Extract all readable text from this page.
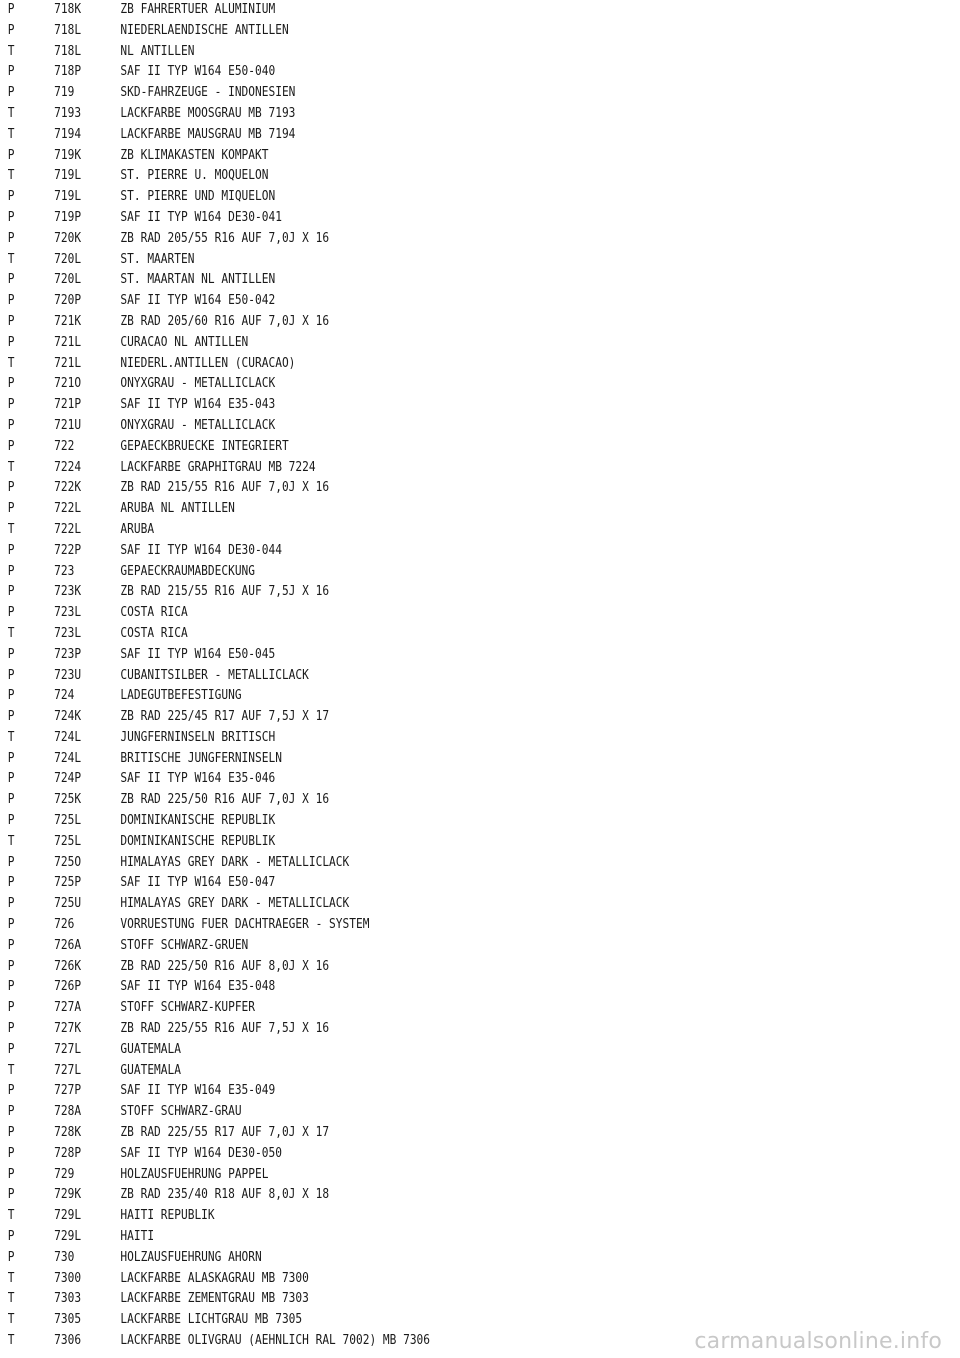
P	718K	ZB FAHRERTUER ALUMINIUM
P	718L	NIEDERLAENDISCHE ANTILLEN
T	718L	NL ANTILLEN
P	718P	SAF II TYP W164 E50-040
P	719	SKD-FAHRZEUGE - INDONESIEN
T	7193	LACKFARBE MOOSGRAU MB 7193
T	7194	LACKFARBE MAUSGRAU MB 7194
P	719K	ZB KLIMAKASTEN KOMPAKT
T	719L	ST. PIERRE U. MOQUELON
P	719L	ST. PIERRE UND MIQUELON
P	719P	SAF II TYP W164 DE30-041
P	720K	ZB RAD 205/55 R16 AUF 7,0J X 16
T	720L	ST. MAARTEN
P	720L	ST. MAARTAN NL ANTILLEN
P	720P	SAF II TYP W164 E50-042
P	721K	ZB RAD 205/60 R16 AUF 7,0J X 16
P	721L	CURACAO NL ANTILLEN
T	721L	NIEDERL.ANTILLEN (CURACAO)
P	721O	ONYXGRAU - METALLICLACK
P	721P	SAF II TYP W164 E35-043
P	721U	ONYXGRAU - METALLICLACK
P	722	GEPAECKBRUECKE INTEGRIERT
T	7224	LACKFARBE GRAPHITGRAU MB 7224
P	722K	ZB RAD 215/55 R16 AUF 7,0J X 16
P	722L	ARUBA NL ANTILLEN
T	722L	ARUBA
P	722P	SAF II TYP W164 DE30-044
P	723	GEPAECKRAUMABDECKUNG
P	723K	ZB RAD 215/55 R16 AUF 7,5J X 16
P	723L	COSTA RICA
T	723L	COSTA RICA
P	723P	SAF II TYP W164 E50-045
P	723U	CUBANITSILBER - METALLICLACK
P	724	LADEGUTBEFESTIGUNG
P	724K	ZB RAD 225/45 R17 AUF 7,5J X 17
T	724L	JUNGFERNINSELN BRITISCH
P	724L	BRITISCHE JUNGFERNINSELN
P	724P	SAF II TYP W164 E35-046
P	725K	ZB RAD 225/50 R16 AUF 7,0J X 16
P	725L	DOMINIKANISCHE REPUBLIK
T	725L	DOMINIKANISCHE REPUBLIK
P	725O	HIMALAYAS GREY DARK - METALLICLACK
P	725P	SAF II TYP W164 E50-047
P	725U	HIMALAYAS GREY DARK - METALLICLACK
P	726	VORRUESTUNG FUER DACHTRAEGER - SYSTEM
P	726A	STOFF SCHWARZ-GRUEN
P	726K	ZB RAD 225/50 R16 AUF 8,0J X 16
P	726P	SAF II TYP W164 E35-048
P	727A	STOFF SCHWARZ-KUPFER
P	727K	ZB RAD 225/55 R16 AUF 7,5J X 16
P	727L	GUATEMALA
T	727L	GUATEMALA
P	727P	SAF II TYP W164 E35-049
P	728A	STOFF SCHWARZ-GRAU
P	728K	ZB RAD 225/55 R17 AUF 7,0J X 17
P	728P	SAF II TYP W164 DE30-050
P	729	HOLZAUSFUEHRUNG PAPPEL
P	729K	ZB RAD 235/40 R18 AUF 8,0J X 18
T	729L	HAITI REPUBLIK
P	729L	HAITI
P	730	HOLZAUSFUEHRUNG AHORN
T	7300	LACKFARBE ALASKAGRAU MB 7300
T	7303	LACKFARBE ZEMENTGRAU MB 7303
T	7305	LACKFARBE LICHTGRAU MB 7305
T	7306	LACKFARBE OLIVGRAU (AEHNLICH RAL 7002) MB 7306	carmanualsonline.info
